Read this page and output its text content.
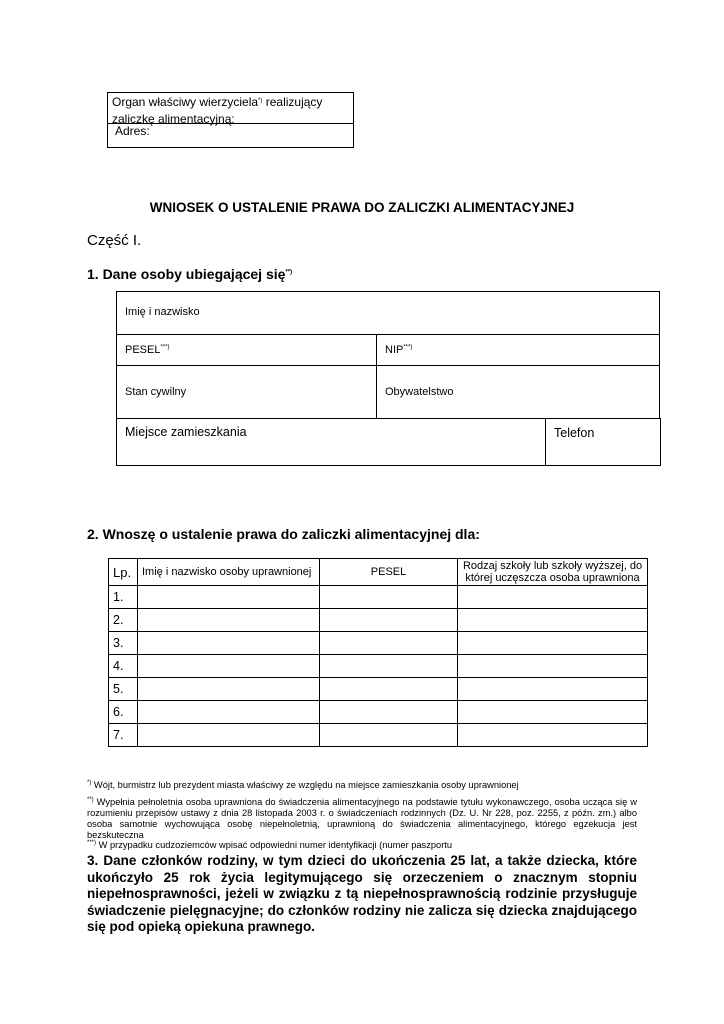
Organ właściwy wierzyciela*) realizujący
zaliczkę alimentacyjną:
Adres:
WNIOSEK O USTALENIE PRAWA DO ZALICZKI ALIMENTACYJNEJ
Część I.
1. Dane osoby ubiegającej się**)
Imię i nazwisko
PESEL***)	NIP***)
Stan cywilny	Obywatelstwo
Miejsce zamieszkania	Telefon
2. Wnoszę o ustalenie prawa do zaliczki alimentacyjnej dla:
Lp.	Imię i nazwisko osoby uprawnionej	PESEL	Rodzaj szkoły lub szkoły wyższej, do której uczęszcza osoba uprawniona
1.			
2.			
3.			
4.			
5.			
6.			
7.			
*) Wójt, burmistrz lub prezydent miasta właściwy ze względu na miejsce zamieszkania osoby uprawnionej
**) Wypełnia pełnoletnia osoba uprawniona do świadczenia alimentacyjnego na podstawie tytułu wykonawczego, osoba ucząca się w rozumieniu przepisów ustawy z dnia 28 listopada 2003 r. o świadczeniach rodzinnych (Dz. U. Nr 228, poz. 2255, z późn. zm.) albo osoba samotnie wychowująca osobę niepełnoletnią, uprawnioną do świadczenia alimentacyjnego, którego egzekucja jest bezskuteczna
***) W przypadku cudzoziemców wpisać odpowiedni numer identyfikacji (numer paszportu
3. Dane członków rodziny, w tym dzieci do ukończenia 25 lat, a także dziecka, które ukończyło 25 rok życia legitymującego się orzeczeniem o znacznym stopniu niepełnosprawności, jeżeli w związku z tą niepełnosprawnością rodzinie przysługuje świadczenie pielęgnacyjne; do członków rodziny nie zalicza się dziecka znajdującego się pod opieką opiekuna prawnego.
